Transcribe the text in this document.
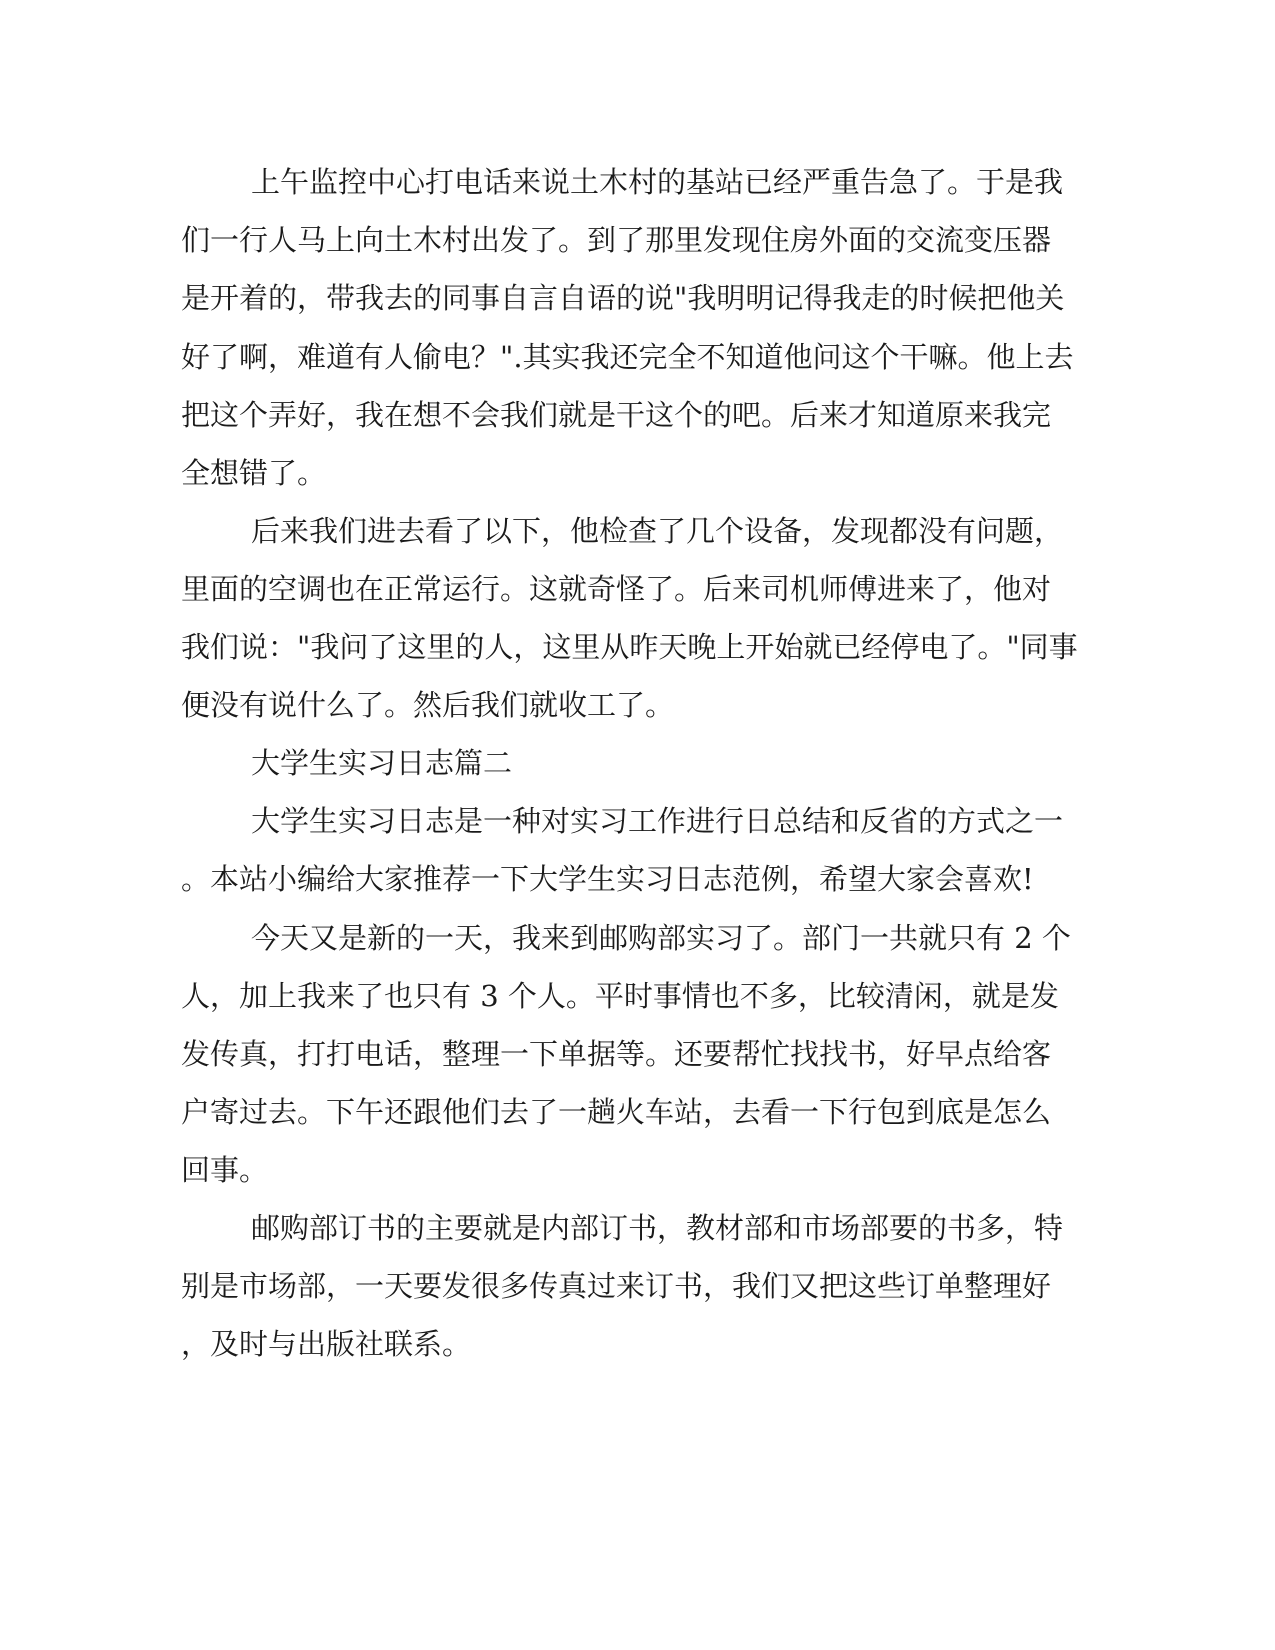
上午监控中心打电话来说土木村的基站已经严重告急了。于是我
们一行人马上向土木村出发了。到了那里发现住房外面的交流变压器
是开着的，带我去的同事自言自语的说"我明明记得我走的时候把他关
好了啊，难道有人偷电？".其实我还完全不知道他问这个干嘛。他上去
把这个弄好，我在想不会我们就是干这个的吧。后来才知道原来我完
全想错了。
后来我们进去看了以下，他检查了几个设备，发现都没有问题，
里面的空调也在正常运行。这就奇怪了。后来司机师傅进来了，他对
我们说："我问了这里的人，这里从昨天晚上开始就已经停电了。"同事
便没有说什么了。然后我们就收工了。
大学生实习日志篇二
大学生实习日志是一种对实习工作进行日总结和反省的方式之一
。本站小编给大家推荐一下大学生实习日志范例，希望大家会喜欢!
今天又是新的一天，我来到邮购部实习了。部门一共就只有 2 个
人，加上我来了也只有 3 个人。平时事情也不多，比较清闲，就是发
发传真，打打电话，整理一下单据等。还要帮忙找找书，好早点给客
户寄过去。下午还跟他们去了一趟火车站，去看一下行包到底是怎么
回事。
邮购部订书的主要就是内部订书，教材部和市场部要的书多，特
别是市场部，一天要发很多传真过来订书，我们又把这些订单整理好
，及时与出版社联系。
